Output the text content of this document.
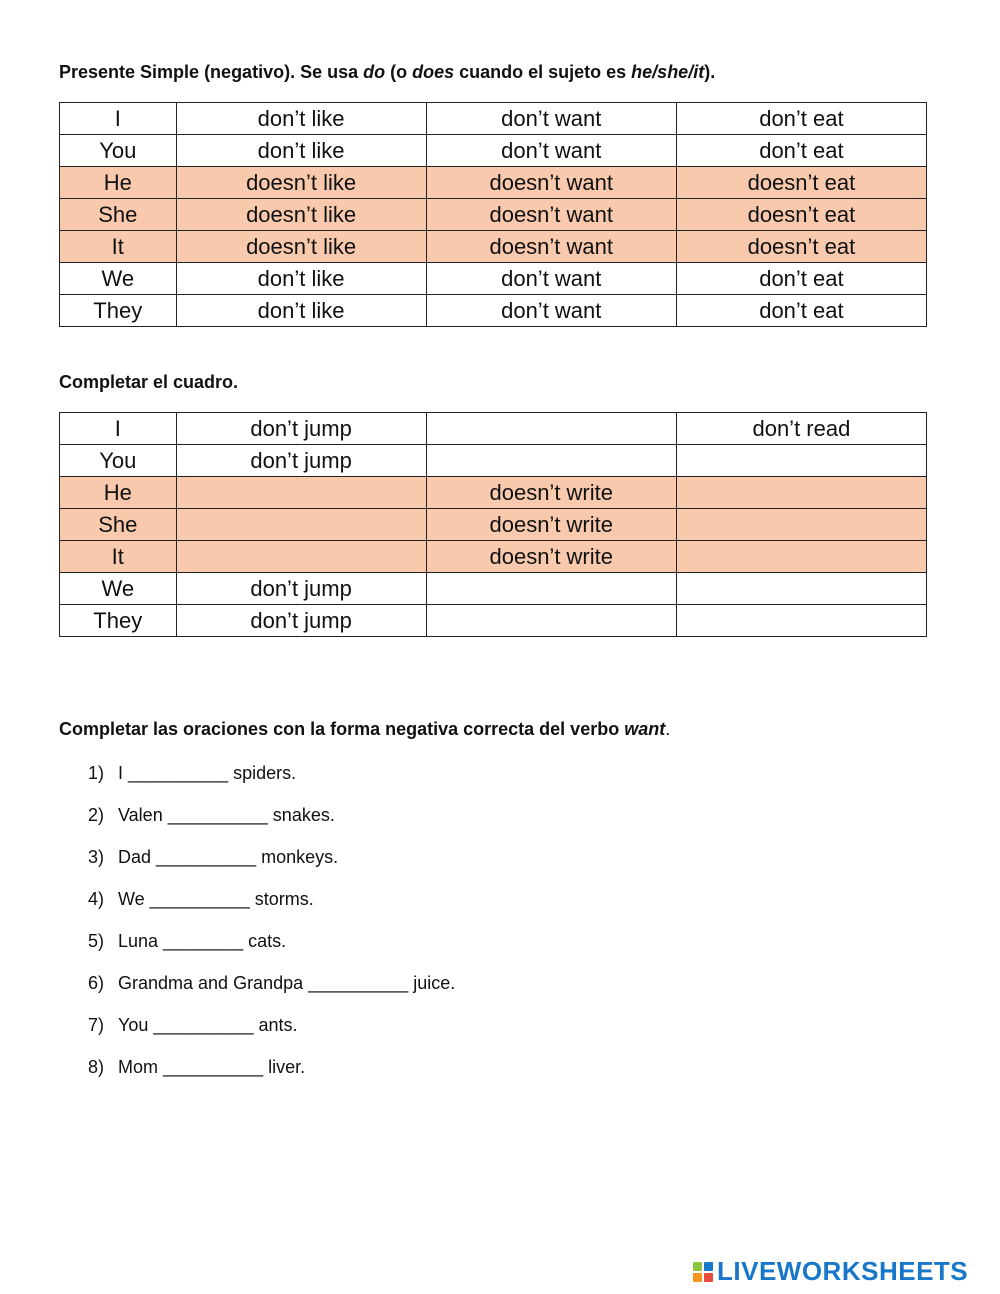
Presente Simple (negativo). Se usa do (o does cuando el sujeto es he/she/it).
I	don’t like	don’t want	don’t eat
You	don’t like	don’t want	don’t eat
He	doesn’t like	doesn’t want	doesn’t eat
She	doesn’t like	doesn’t want	doesn’t eat
It	doesn’t like	doesn’t want	doesn’t eat
We	don’t like	don’t want	don’t eat
They	don’t like	don’t want	don’t eat
Completar el cuadro.
I	don’t jump		don’t read
You	don’t jump		
He		doesn’t write	
She		doesn’t write	
It		doesn’t write	
We	don’t jump		
They	don’t jump		
Completar las oraciones con la forma negativa correcta del verbo want.
1) I __________ spiders.
2) Valen __________ snakes.
3) Dad __________ monkeys.
4) We __________ storms.
5) Luna ________ cats.
6) Grandma and Grandpa __________ juice.
7) You __________ ants.
8) Mom __________ liver.
LIVEWORKSHEETS
